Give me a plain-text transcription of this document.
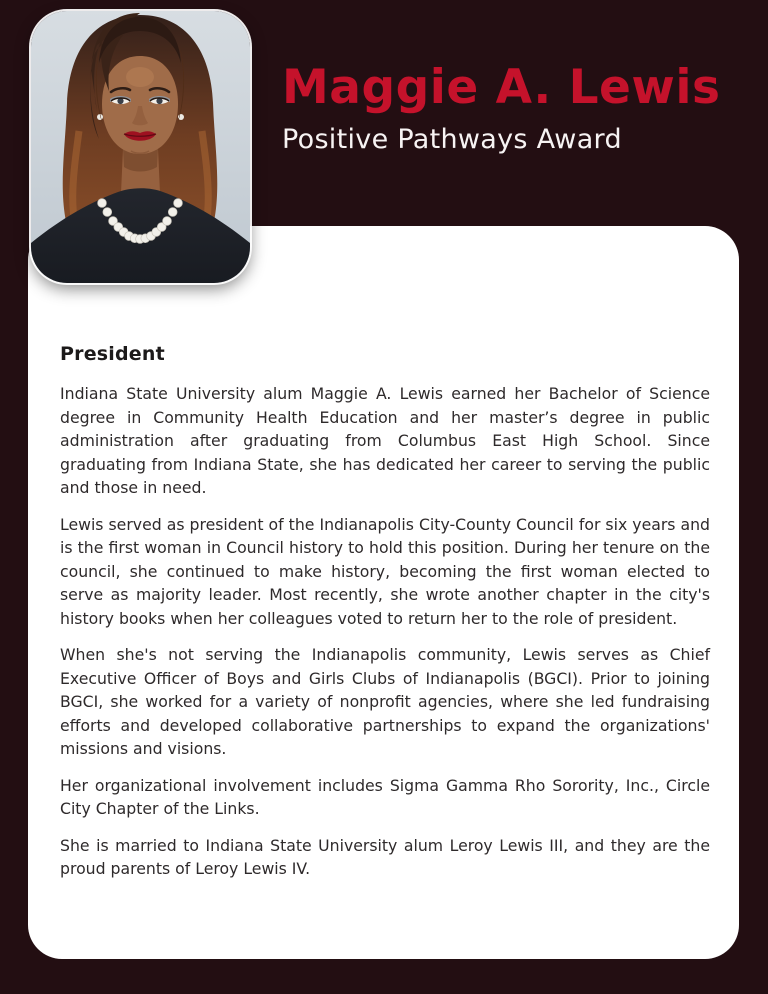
Maggie A. Lewis
Positive Pathways Award
President

Indiana State University alum Maggie A. Lewis earned her Bachelor of Science degree in Community Health Education and her master’s degree in public administration after graduating from Columbus East High School. Since graduating from Indiana State, she has dedicated her career to serving the public and those in need.

Lewis served as president of the Indianapolis City-County Council for six years and is the first woman in Council history to hold this position. During her tenure on the council, she continued to make history, becoming the first woman elected to serve as majority leader. Most recently, she wrote another chapter in the city's history books when her colleagues voted to return her to the role of president.

When she's not serving the Indianapolis community, Lewis serves as Chief Executive Officer of Boys and Girls Clubs of Indianapolis (BGCI). Prior to joining BGCI, she worked for a variety of nonprofit agencies, where she led fundraising efforts and developed collaborative partnerships to expand the organizations' missions and visions.

Her organizational involvement includes Sigma Gamma Rho Sorority, Inc., Circle City Chapter of the Links.

She is married to Indiana State University alum Leroy Lewis III, and they are the proud parents of Leroy Lewis IV.
